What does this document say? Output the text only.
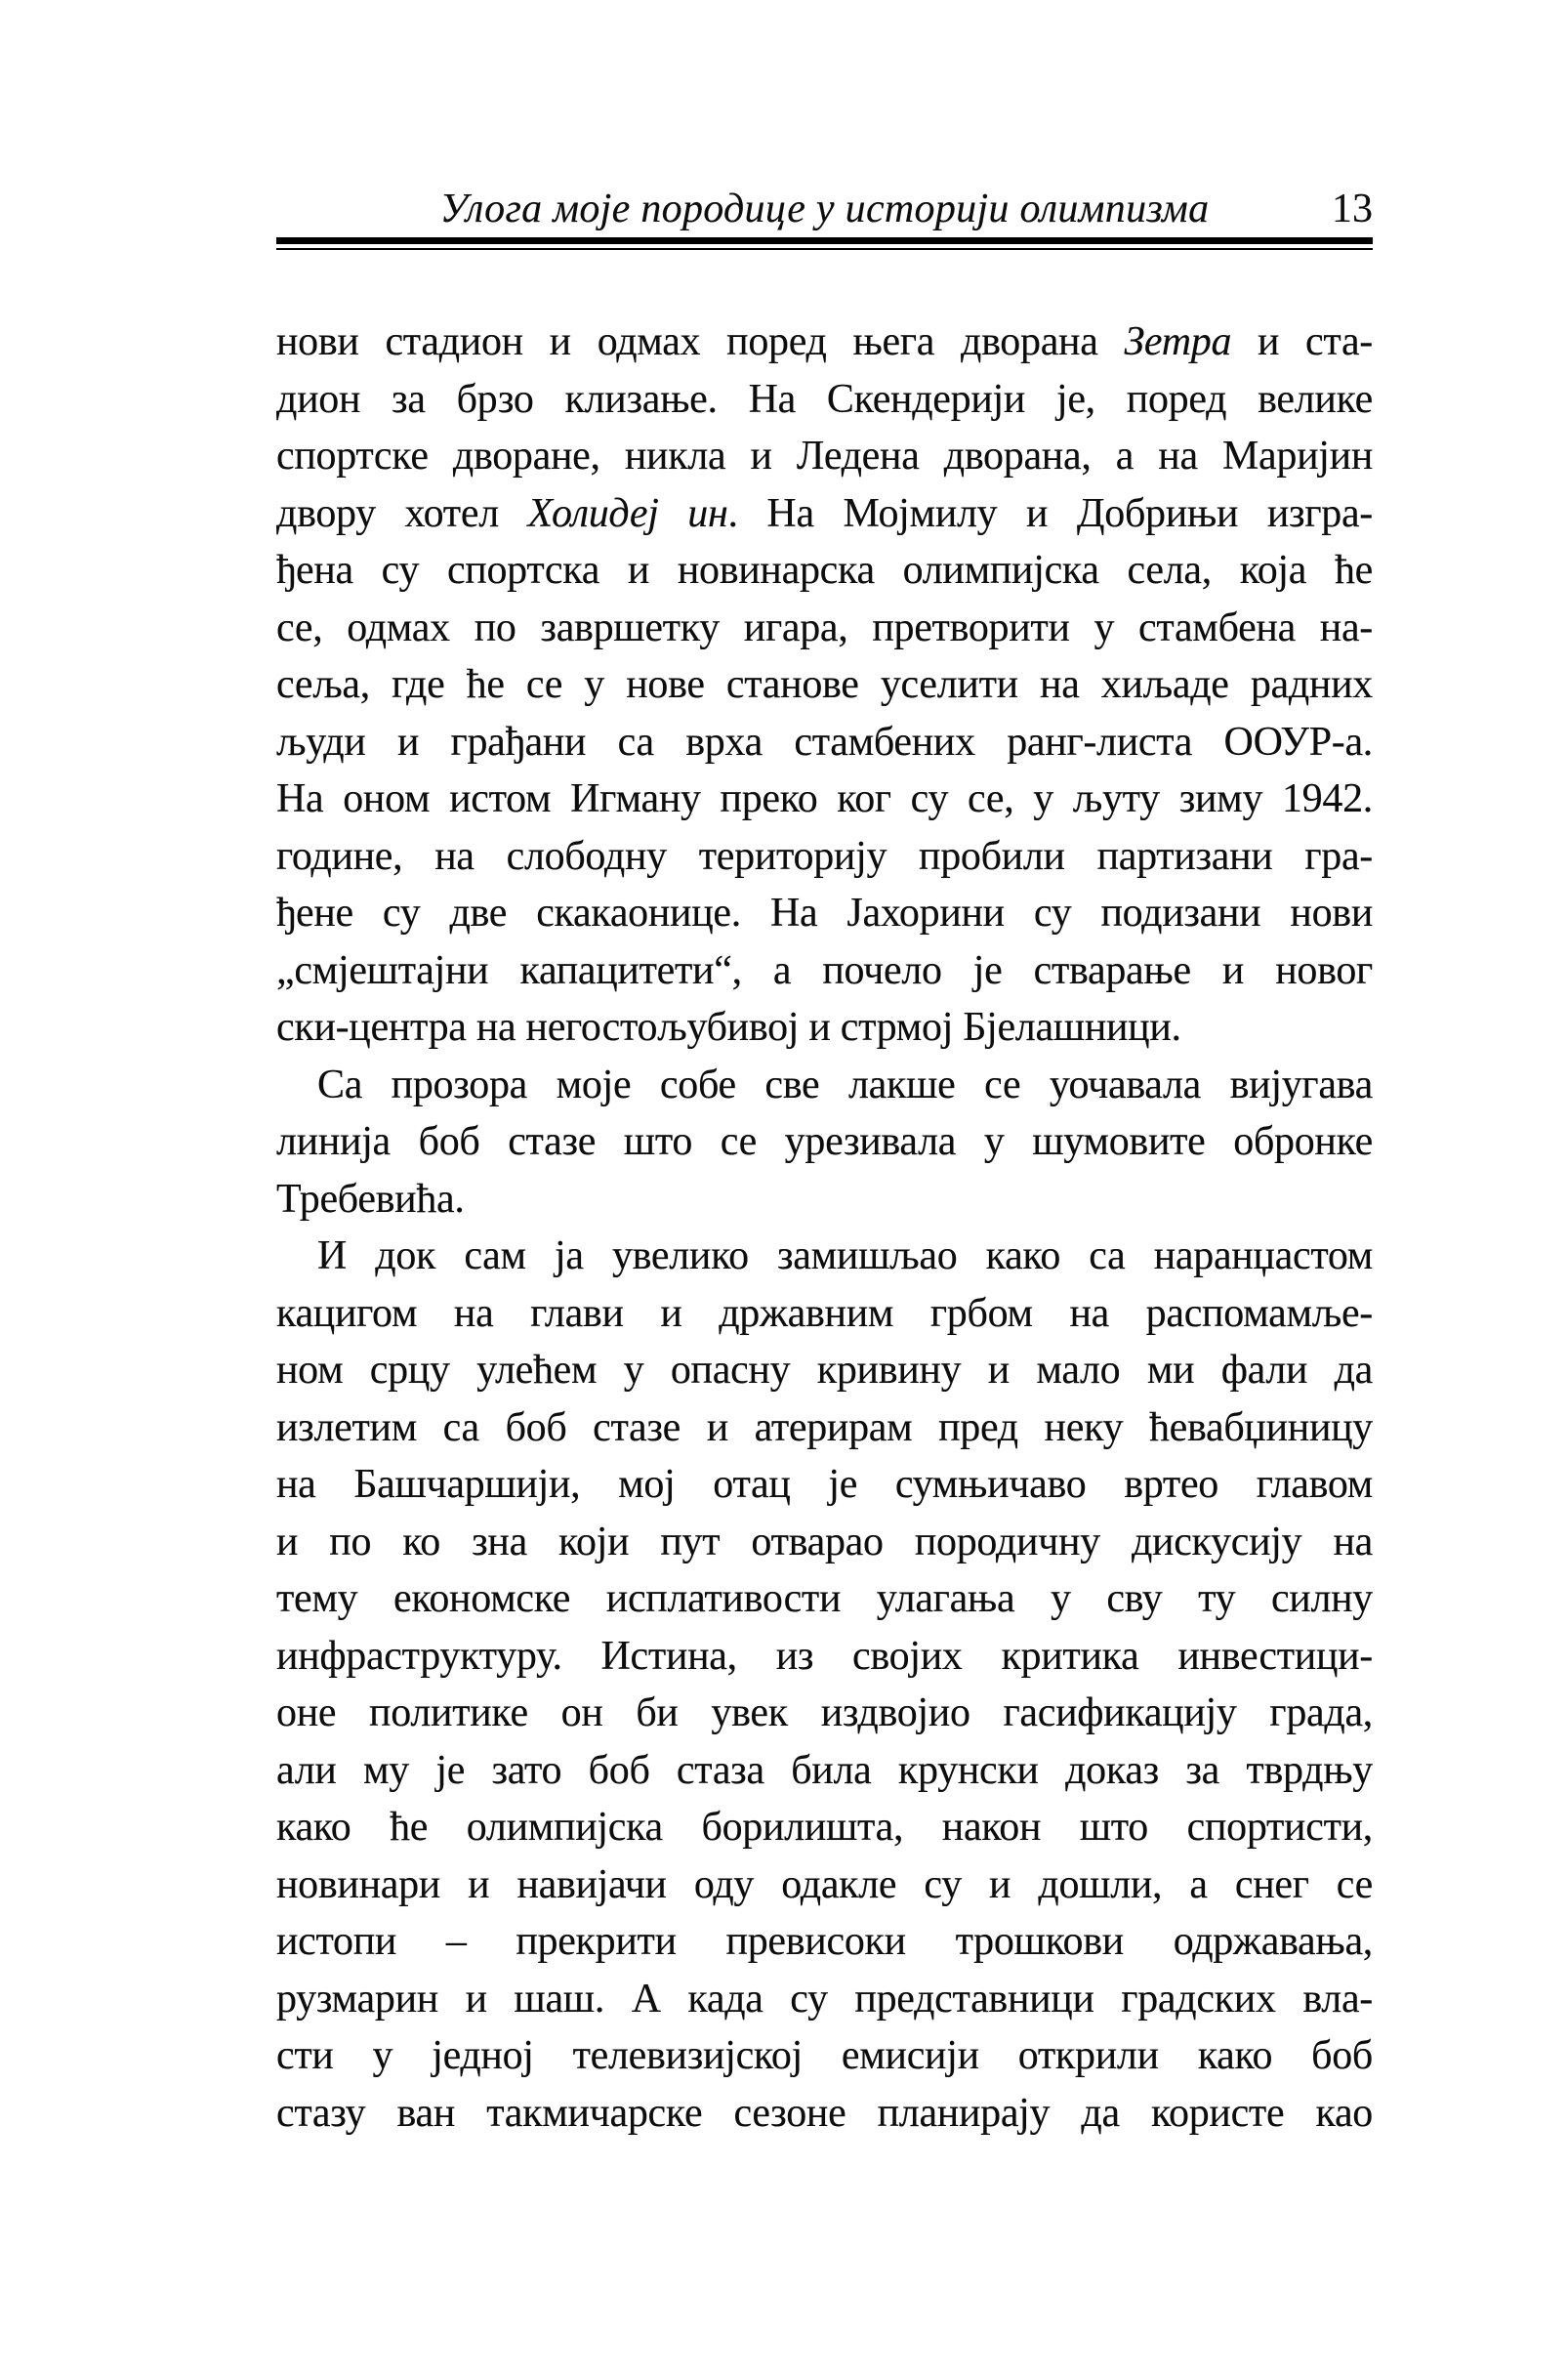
Улога моје породице у историји олимпизма	13
нови стадион и одмах поред њега дворана Зетра и ста-
дион за брзо клизање. На Скендерији је, поред велике
спортске дворане, никла и Ледена дворана, а на Маријин
двору хотел Холидеј ин. На Мојмилу и Добрињи изгра-
ђена су спортска и новинарска олимпијска села, која ће
се, одмах по завршетку игара, претворити у стамбена на-
сеља, где ће се у нове станове уселити на хиљаде радних
људи и грађани са врха стамбених ранг-листа ООУР-а.
На оном истом Игману преко ког су се, у љуту зиму 1942.
године, на слободну територију пробили партизани гра-
ђене су две скакаонице. На Јахорини су подизани нови
„смјештајни капацитети“, а почело је стварање и новог
ски-центра на негостољубивој и стрмој Бјелашници.
Са прозора моје собе све лакше се уочавала вијугава
линија боб стазе што се урезивала у шумовите обронке
Требевића.
И док сам ја увелико замишљао како са наранџастом
кацигом на глави и државним грбом на распомамље-
ном срцу улећем у опасну кривину и мало ми фали да
излетим са боб стазе и атерирам пред неку ћевабџиницу
на Башчаршији, мој отац је сумњичаво вртео главом
и по ко зна који пут отварао породичну дискусију на
тему економске исплативости улагања у сву ту силну
инфраструктуру. Истина, из својих критика инвестици-
оне политике он би увек издвојио гасификацију града,
али му је зато боб стаза била крунски доказ за тврдњу
како ће олимпијска борилишта, након што спортисти,
новинари и навијачи оду одакле су и дошли, а снег се
истопи – прекрити превисоки трошкови одржавања,
рузмарин и шаш. А када су представници градских вла-
сти у једној телевизијској емисији открили како боб
стазу ван такмичарске сезоне планирају да користе као
